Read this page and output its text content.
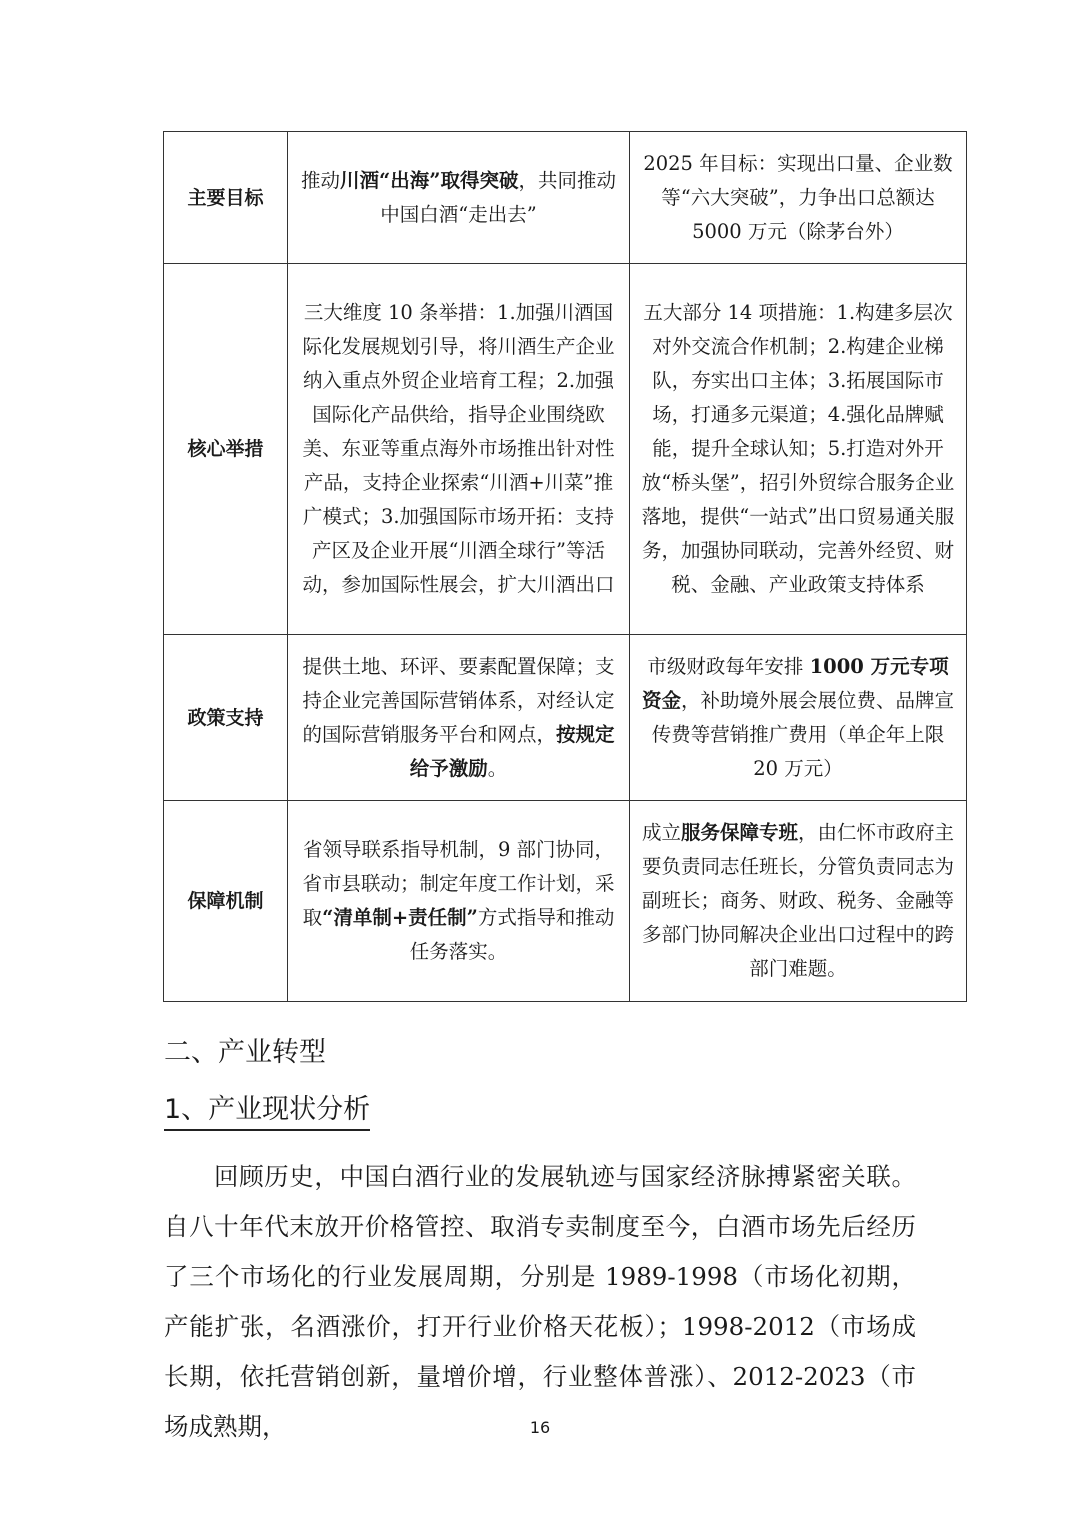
主要目标	推动川酒“出海”取得突破，共同推动中国白酒“走出去”	2025 年目标：实现出口量、企业数等“六大突破”，力争出口总额达 5000 万元（除茅台外）
核心举措	三大维度 10 条举措：1.加强川酒国际化发展规划引导，将川酒生产企业纳入重点外贸企业培育工程；2.加强国际化产品供给，指导企业围绕欧美、东亚等重点海外市场推出针对性产品，支持企业探索“川酒+川菜”推广模式；3.加强国际市场开拓：支持产区及企业开展“川酒全球行”等活动，参加国际性展会，扩大川酒出口	五大部分 14 项措施：1.构建多层次对外交流合作机制；2.构建企业梯队，夯实出口主体；3.拓展国际市场，打通多元渠道；4.强化品牌赋能，提升全球认知；5.打造对外开放“桥头堡”，招引外贸综合服务企业落地，提供“一站式”出口贸易通关服务，加强协同联动，完善外经贸、财税、金融、产业政策支持体系
政策支持	提供土地、环评、要素配置保障；支持企业完善国际营销体系，对经认定的国际营销服务平台和网点，按规定给予激励。	市级财政每年安排 1000 万元专项资金，补助境外展会展位费、品牌宣传费等营销推广费用（单企年上限 20 万元）
保障机制	省领导联系指导机制，9 部门协同，省市县联动；制定年度工作计划，采取“清单制+责任制”方式指导和推动任务落实。	成立服务保障专班，由仁怀市政府主要负责同志任班长，分管负责同志为副班长；商务、财政、税务、金融等多部门协同解决企业出口过程中的跨部门难题。
二、产业转型
1、产业现状分析

回顾历史，中国白酒行业的发展轨迹与国家经济脉搏紧密关联。自八十年代末放开价格管控、取消专卖制度至今，白酒市场先后经历了三个市场化的行业发展周期，分别是 1989-1998（市场化初期，产能扩张，名酒涨价，打开行业价格天花板）；1998-2012（市场成长期，依托营销创新，量增价增，行业整体普涨）、2012-2023（市场成熟期，	16
